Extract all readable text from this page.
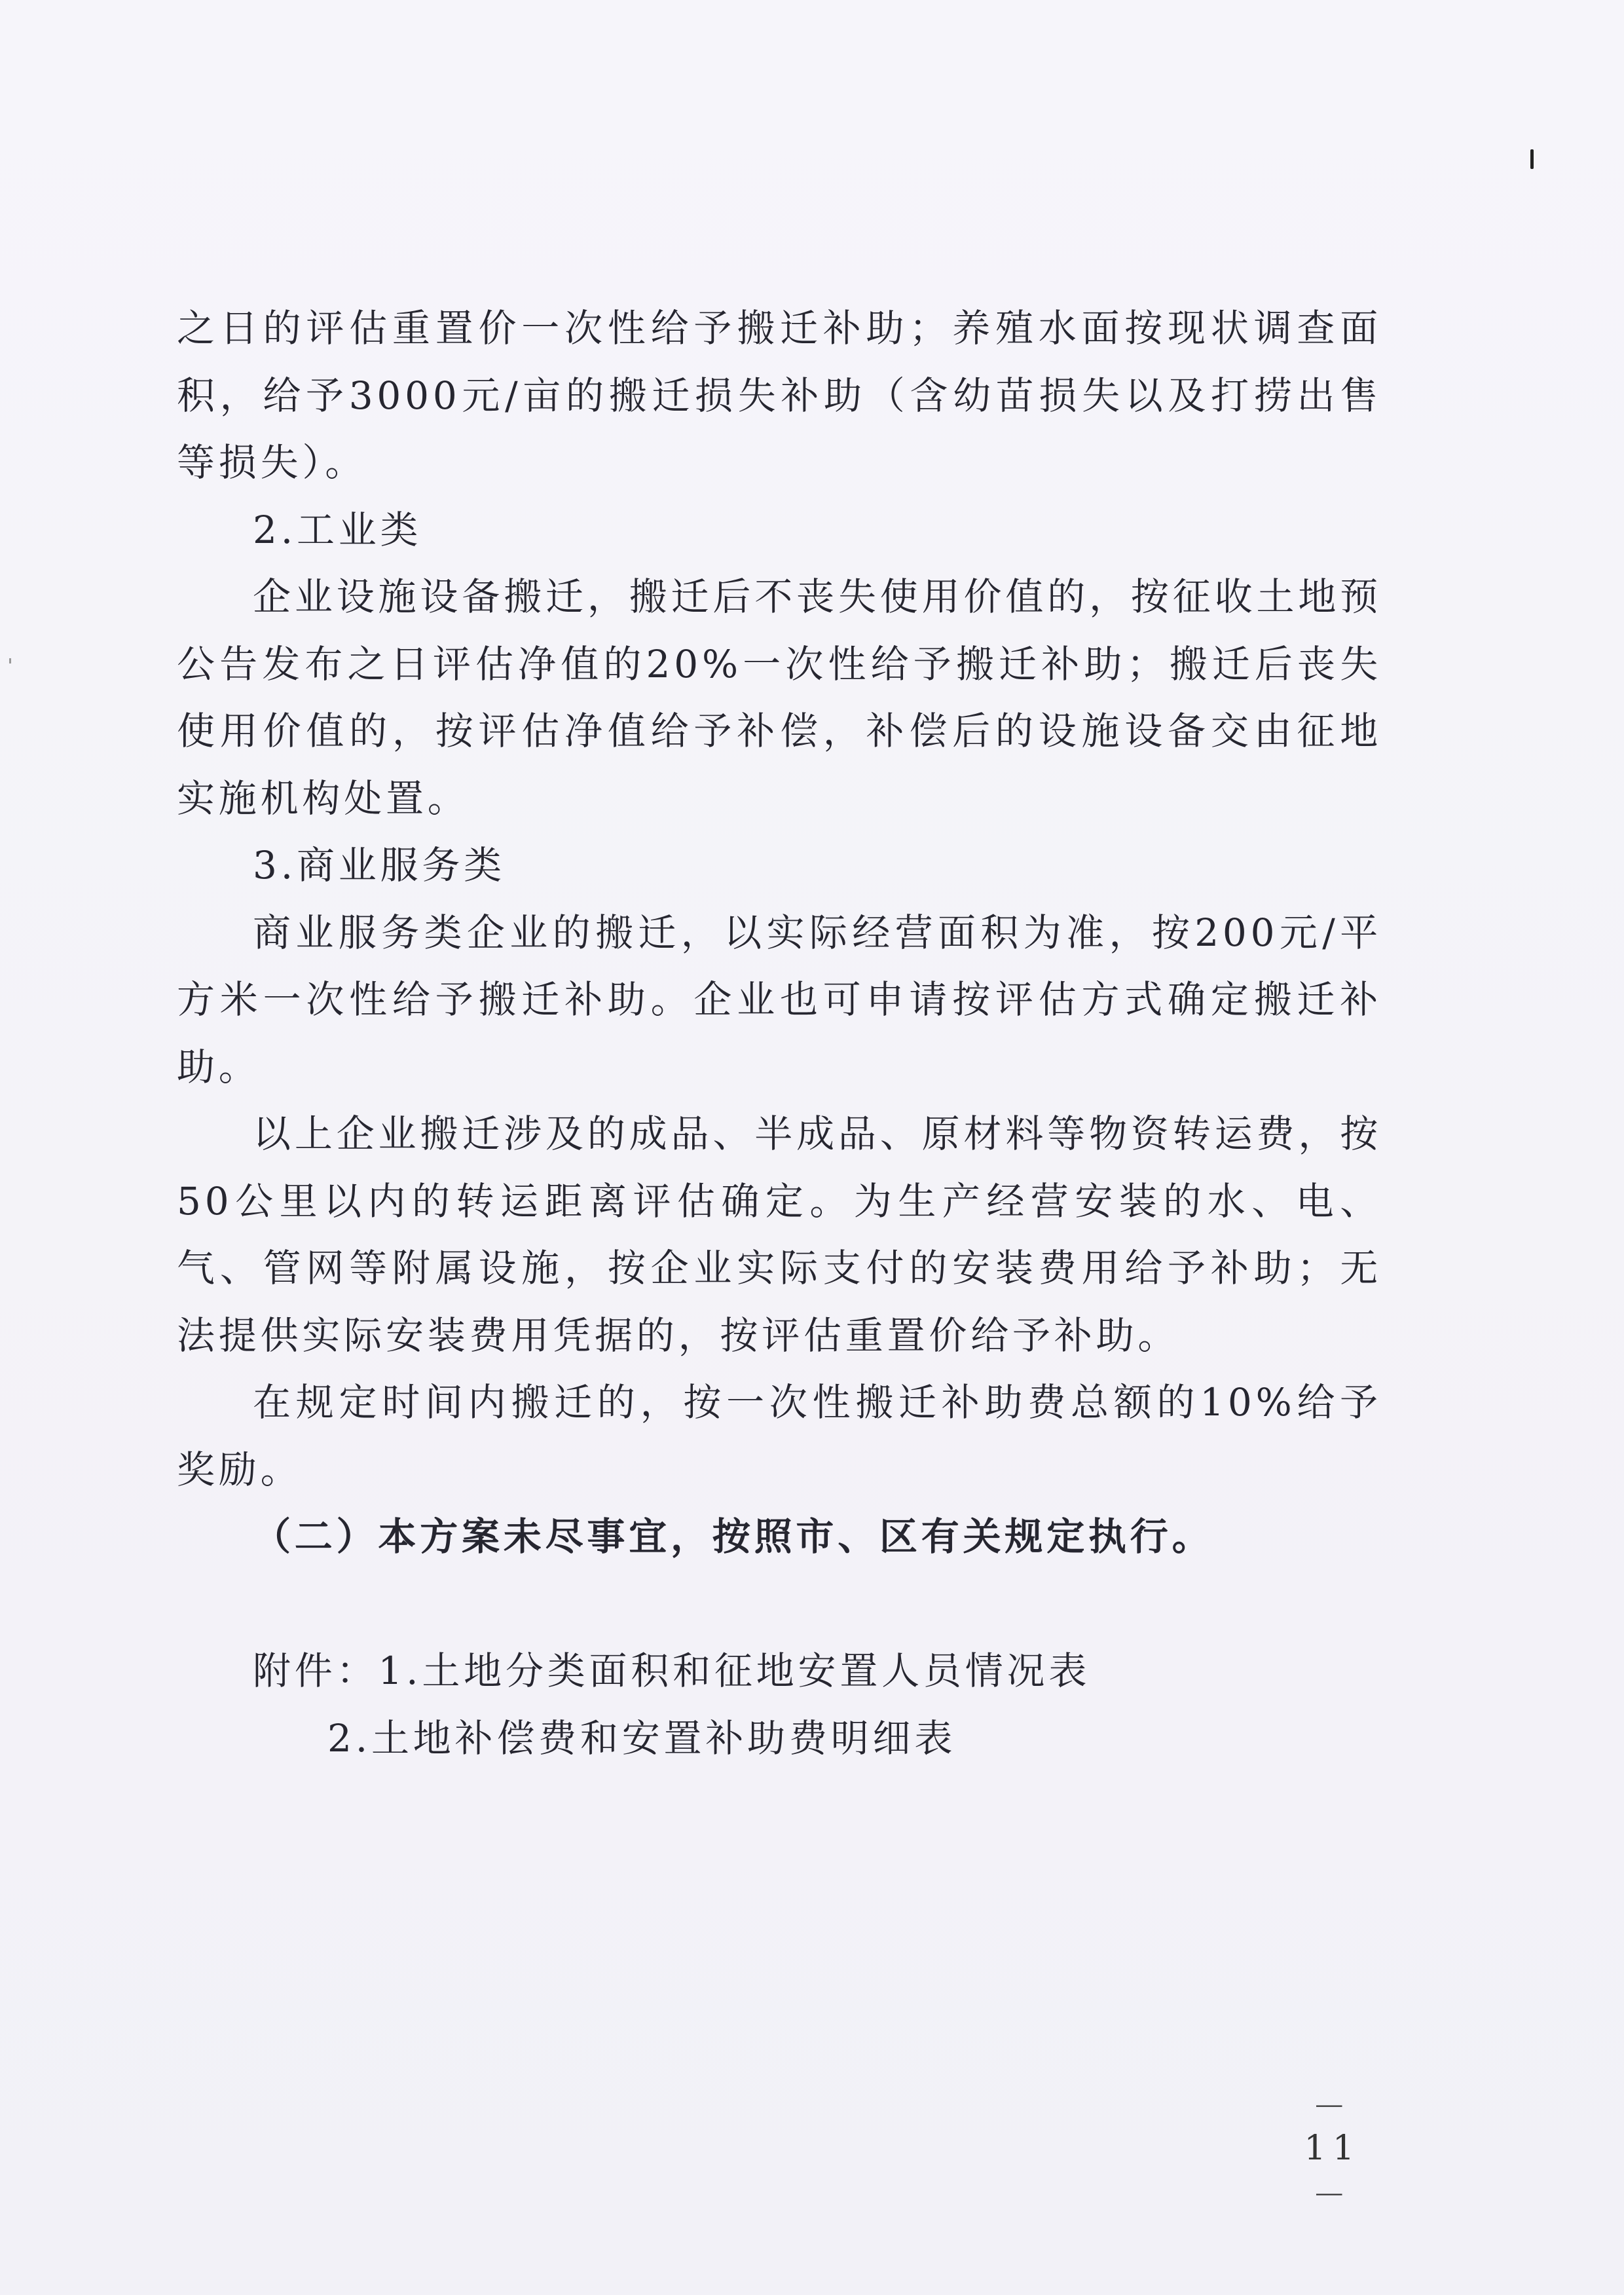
之日的评估重置价一次性给予搬迁补助；养殖水面按现状调查面积，给予3000元/亩的搬迁损失补助（含幼苗损失以及打捞出售等损失）。

2.工业类

企业设施设备搬迁，搬迁后不丧失使用价值的，按征收土地预公告发布之日评估净值的20%一次性给予搬迁补助；搬迁后丧失使用价值的，按评估净值给予补偿，补偿后的设施设备交由征地实施机构处置。

3.商业服务类

商业服务类企业的搬迁，以实际经营面积为准，按200元/平方米一次性给予搬迁补助。企业也可申请按评估方式确定搬迁补助。

以上企业搬迁涉及的成品、半成品、原材料等物资转运费，按50公里以内的转运距离评估确定。为生产经营安装的水、电、气、管网等附属设施，按企业实际支付的安装费用给予补助；无法提供实际安装费用凭据的，按评估重置价给予补助。

在规定时间内搬迁的，按一次性搬迁补助费总额的10%给予奖励。

（二）本方案未尽事宜，按照市、区有关规定执行。

附件：1.土地分类面积和征地安置人员情况表

2.土地补偿费和安置补助费明细表

－ 11 －
